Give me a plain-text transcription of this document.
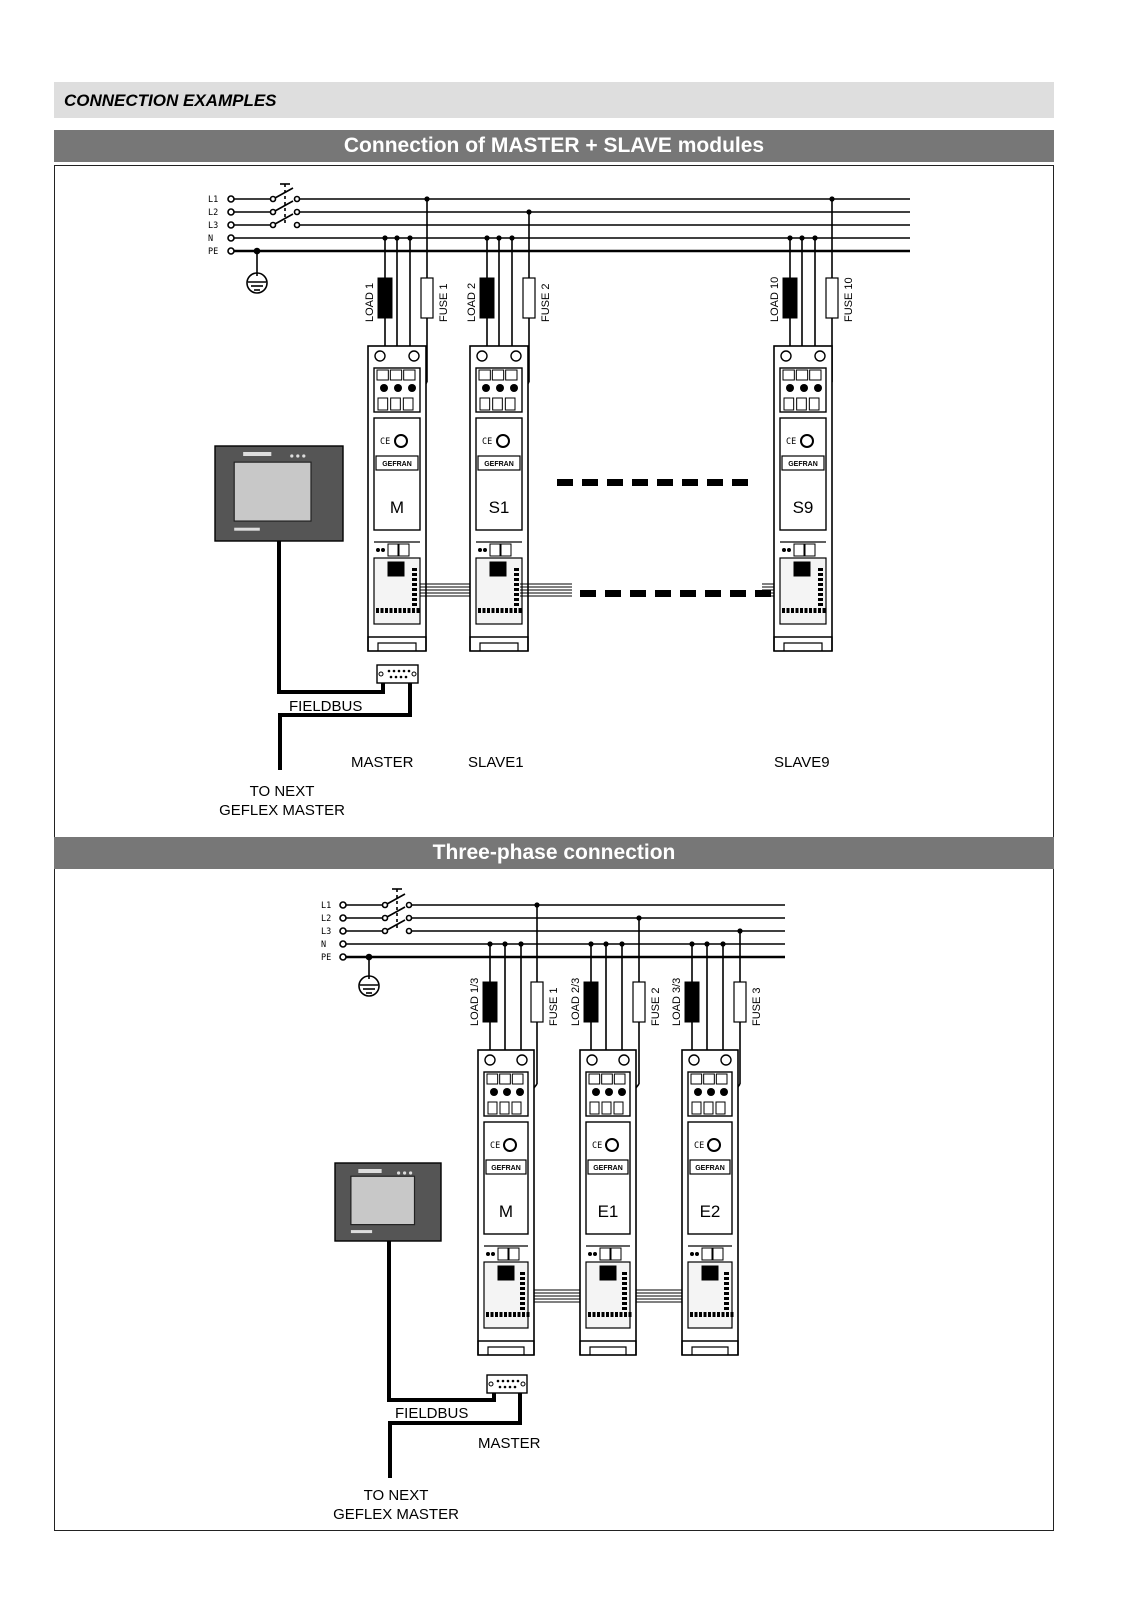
CONNECTION EXAMPLES
Connection of MASTER + SLAVE modules
Three-phase connection
L1
L2
L3
N
PE
L1
L2
L3
N
PE
LOAD 1	FUSE 1
CE
GEFRAN
M
LOAD 2	FUSE 2
CE
GEFRAN
S1
LOAD 10	FUSE 10
CE
GEFRAN
S9
FIELDBUS
MASTER	SLAVE1	SLAVE9
TO NEXT
GEFLEX MASTER
LOAD 1/3	FUSE 1
CE
GEFRAN
M
LOAD 2/3	FUSE 2
CE
GEFRAN
E1
LOAD 3/3	FUSE 3
CE
GEFRAN
E2
FIELDBUS
MASTER
TO NEXT
GEFLEX MASTER
